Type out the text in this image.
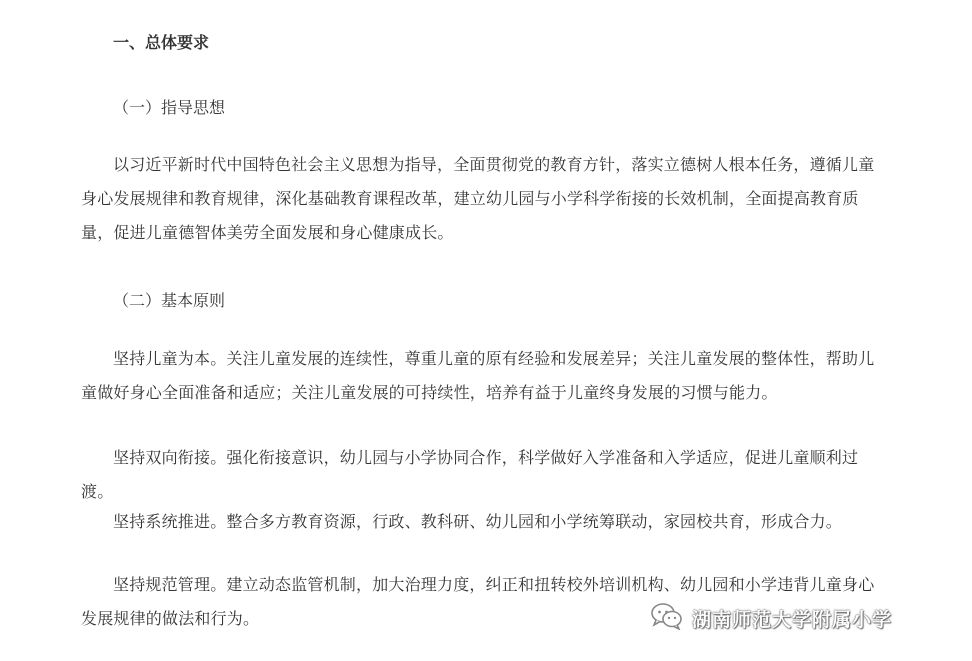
一、总体要求
（一）指导思想
以习近平新时代中国特色社会主义思想为指导，全面贯彻党的教育方针，落实立德树人根本任务，遵循儿童身心发展规律和教育规律，深化基础教育课程改革，建立幼儿园与小学科学衔接的长效机制，全面提高教育质量，促进儿童德智体美劳全面发展和身心健康成长。
（二）基本原则
坚持儿童为本。关注儿童发展的连续性，尊重儿童的原有经验和发展差异；关注儿童发展的整体性，帮助儿童做好身心全面准备和适应；关注儿童发展的可持续性，培养有益于儿童终身发展的习惯与能力。
坚持双向衔接。强化衔接意识，幼儿园与小学协同合作，科学做好入学准备和入学适应，促进儿童顺利过渡。
坚持系统推进。整合多方教育资源，行政、教科研、幼儿园和小学统筹联动，家园校共育，形成合力。
坚持规范管理。建立动态监管机制，加大治理力度，纠正和扭转校外培训机构、幼儿园和小学违背儿童身心发展规律的做法和行为。	湖南师范大学附属小学
